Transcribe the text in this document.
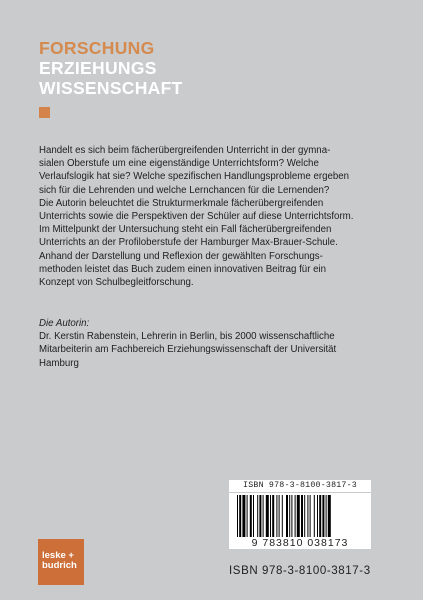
FORSCHUNG
ERZIEHUNGS
WISSENSCHAFT
Handelt es sich beim fächerübergreifenden Unterricht in der gymna-
sialen Oberstufe um eine eigenständige Unterrichtsform? Welche
Verlaufslogik hat sie? Welche spezifischen Handlungsprobleme ergeben
sich für die Lehrenden und welche Lernchancen für die Lernenden?
Die Autorin beleuchtet die Strukturmerkmale fächerübergreifenden
Unterrichts sowie die Perspektiven der Schüler auf diese Unterrichtsform.
Im Mittelpunkt der Untersuchung steht ein Fall fächerübergreifenden
Unterrichts an der Profiloberstufe der Hamburger Max-Brauer-Schule.
Anhand der Darstellung und Reflexion der gewählten Forschungs-
methoden leistet das Buch zudem einen innovativen Beitrag für ein
Konzept von Schulbegleitforschung.
Die Autorin:
Dr. Kerstin Rabenstein, Lehrerin in Berlin, bis 2000 wissenschaftliche
Mitarbeiterin am Fachbereich Erziehungswissenschaft der Universität
Hamburg
ISBN 978-3-8100-3817-3
9 783810 038173
ISBN 978-3-8100-3817-3
leske +
budrich
